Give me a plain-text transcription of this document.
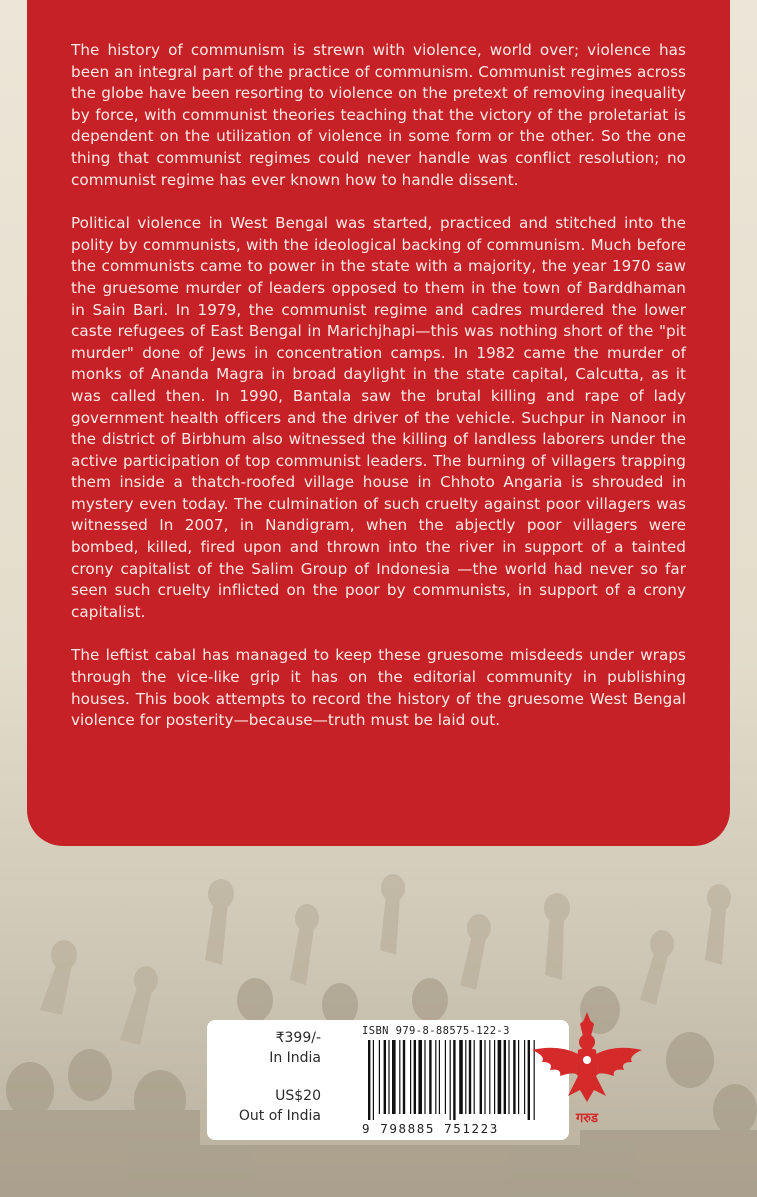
The history of communism is strewn with violence, world over; violence has been an integral part of the practice of communism. Communist regimes across the globe have been resorting to violence on the pretext of removing inequality by force, with communist theories teaching that the victory of the proletariat is dependent on the utilization of violence in some form or the other. So the one thing that communist regimes could never handle was conflict resolution; no communist regime has ever known how to handle dissent.

Political violence in West Bengal was started, practiced and stitched into the polity by communists, with the ideological backing of communism. Much before the communists came to power in the state with a majority, the year 1970 saw the gruesome murder of leaders opposed to them in the town of Barddhaman in Sain Bari. In 1979, the communist regime and cadres murdered the lower caste refugees of East Bengal in Marichjhapi—this was nothing short of the "pit murder" done of Jews in concentration camps. In 1982 came the murder of monks of Ananda Magra in broad daylight in the state capital, Calcutta, as it was called then. In 1990, Bantala saw the brutal killing and rape of lady government health officers and the driver of the vehicle. Suchpur in Nanoor in the district of Birbhum also witnessed the killing of landless laborers under the active participation of top communist leaders. The burning of villagers trapping them inside a thatch-roofed village house in Chhoto Angaria is shrouded in mystery even today. The culmination of such cruelty against poor villagers was witnessed In 2007, in Nandigram, when the abjectly poor villagers were bombed, killed, fired upon and thrown into the river in support of a tainted crony capitalist of the Salim Group of Indonesia —the world had never so far seen such cruelty inflicted on the poor by communists, in support of a crony capitalist.

The leftist cabal has managed to keep these gruesome misdeeds under wraps through the vice-like grip it has on the editorial community in publishing houses. This book attempts to record the history of the gruesome West Bengal violence for posterity—because—truth must be laid out.

₹399/-
In India
US$20
Out of India
ISBN 979-8-88575-122-3
9 798885 751223
गरुड
